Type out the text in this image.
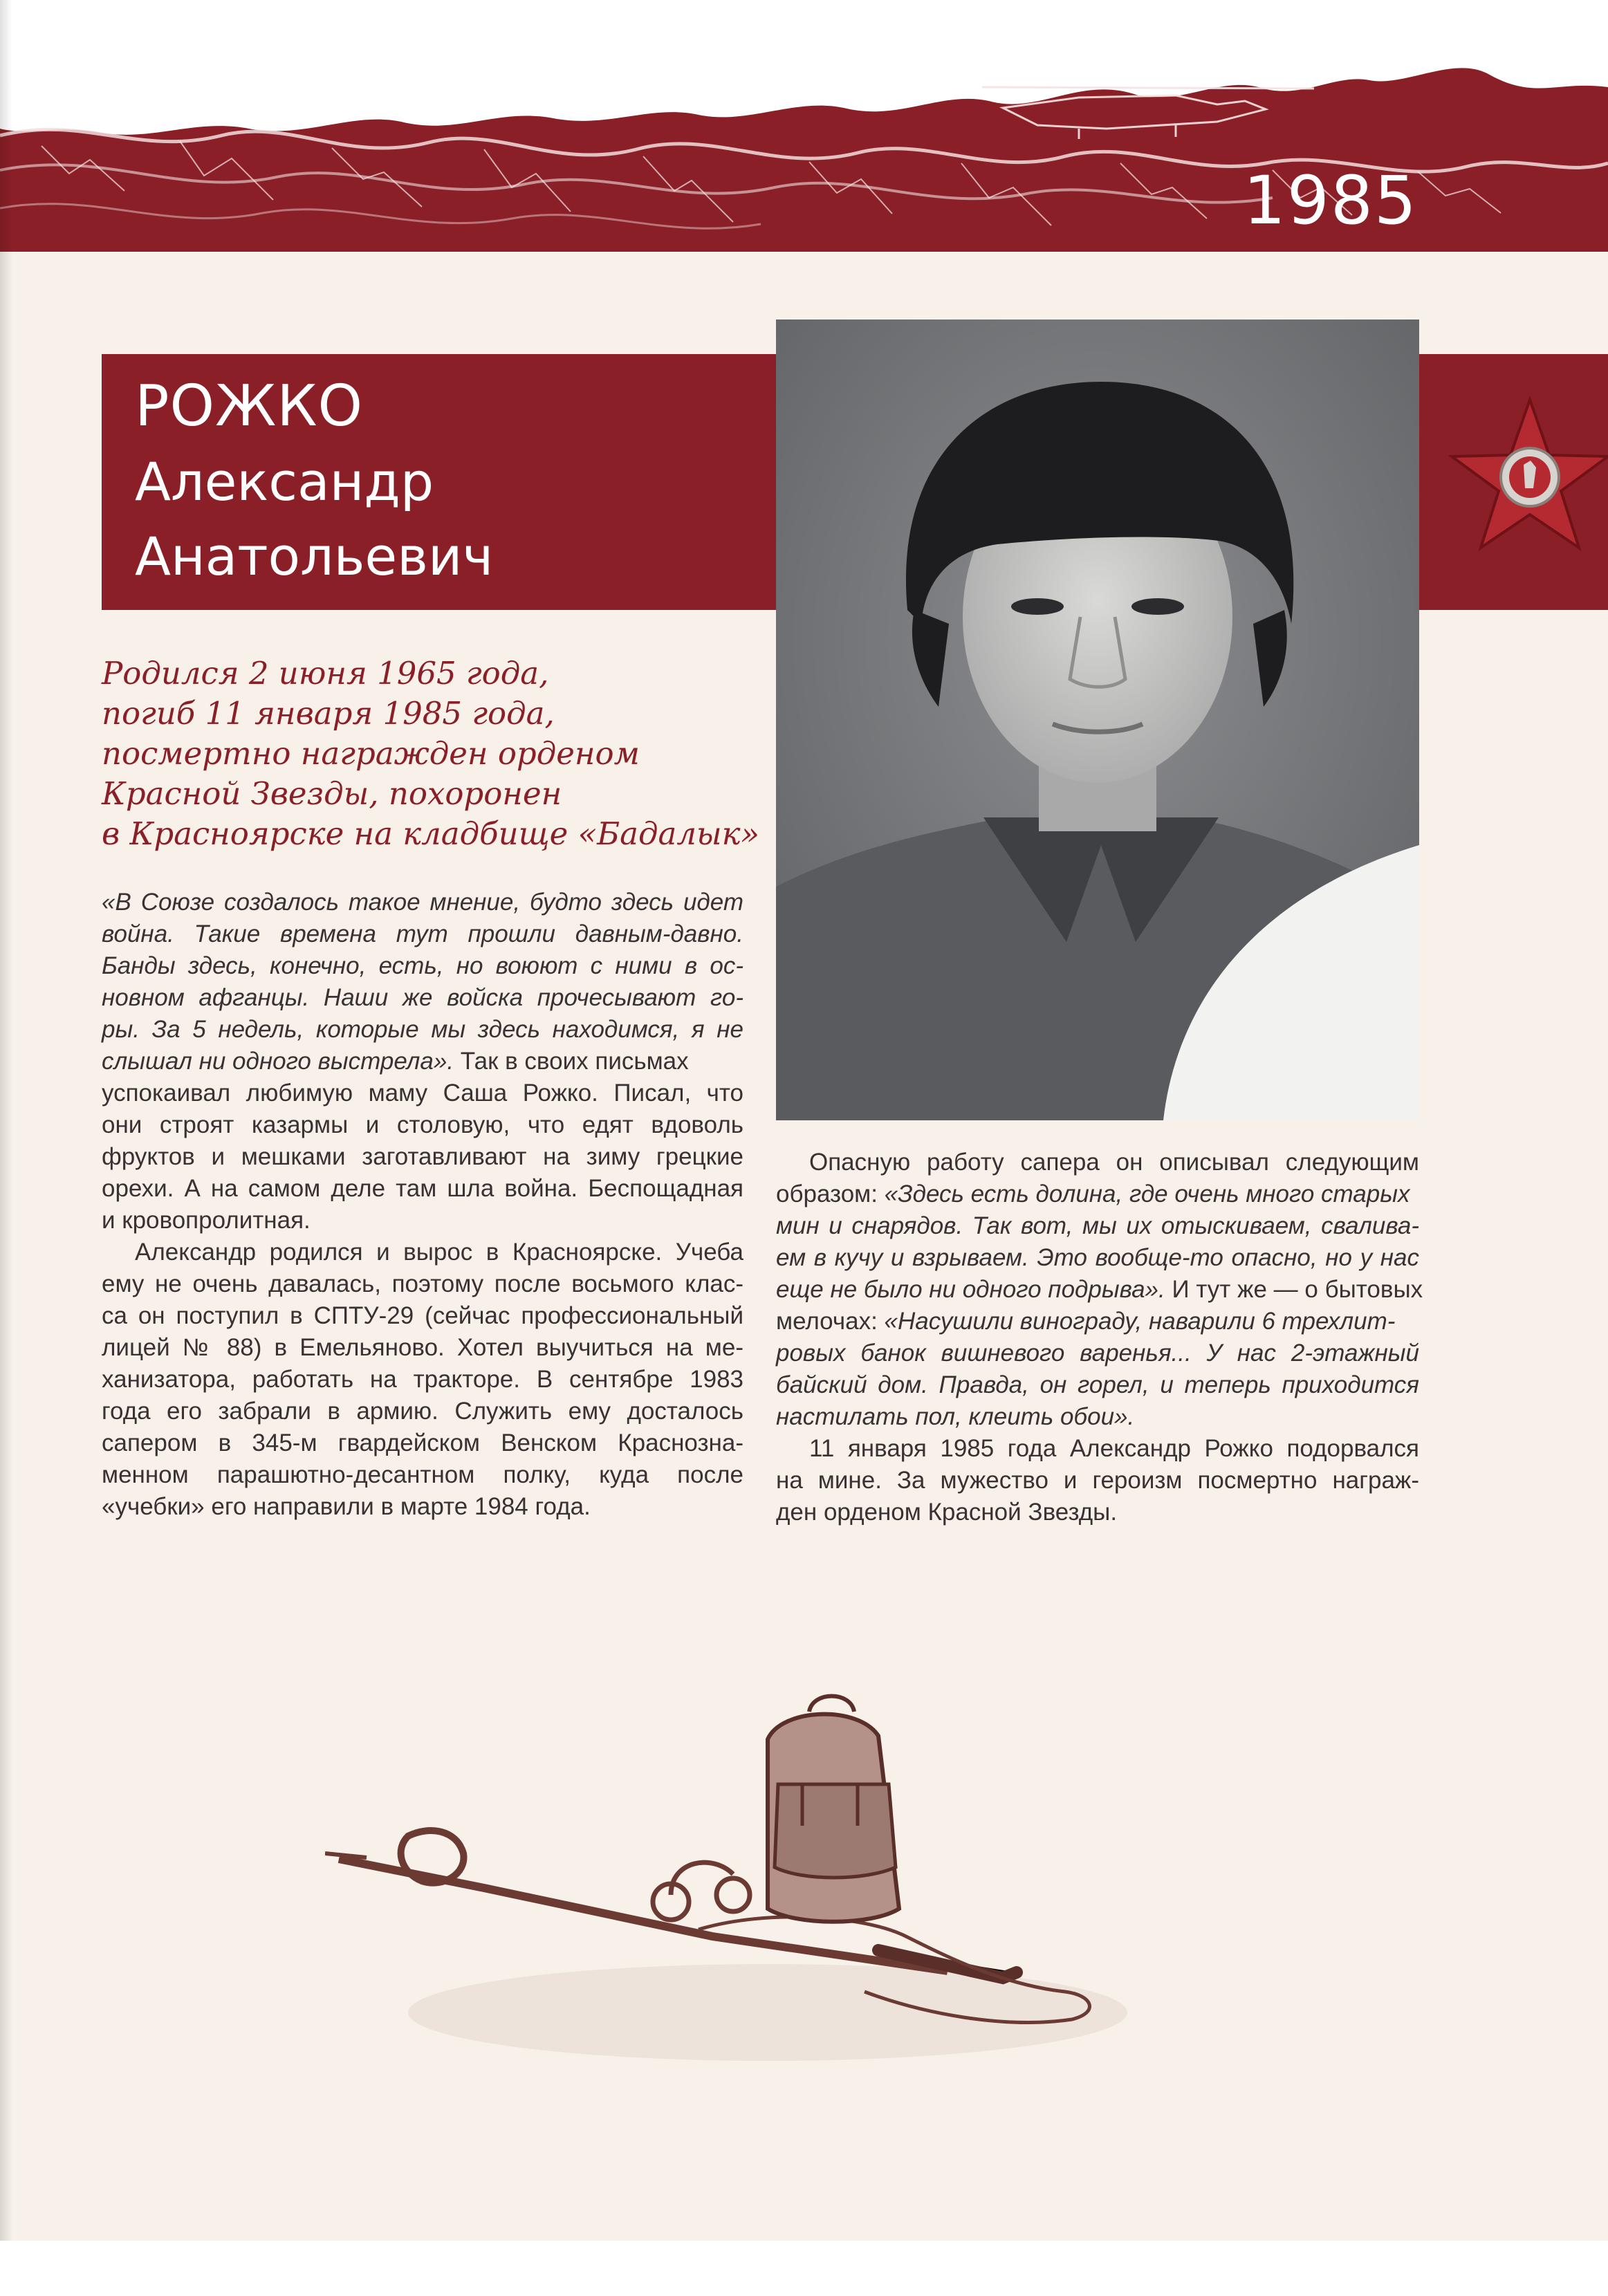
1985
РОЖКО
Александр
Анатольевич
Родился 2 июня 1965 года,
погиб 11 января 1985 года,
посмертно награжден орденом
Красной Звезды, похоронен
в Красноярске на кладбище «Бадалык»
«В Союзе создалось такое мнение, будто здесь идет
война. Такие времена тут прошли давным-давно.
Банды здесь, конечно, есть, но воюют с ними в ос-
новном афганцы. Наши же войска прочесывают го-
ры. За 5 недель, которые мы здесь находимся, я не
слышал ни одного выстрела». Так в своих письмах
успокаивал любимую маму Саша Рожко. Писал, что
они строят казармы и столовую, что едят вдоволь
фруктов и мешками заготавливают на зиму грецкие
орехи. А на самом деле там шла война. Беспощадная
и кровопролитная.
Александр родился и вырос в Красноярске. Учеба
ему не очень давалась, поэтому после восьмого клас-
са он поступил в СПТУ-29 (сейчас профессиональный
лицей № 88) в Емельяново. Хотел выучиться на ме-
ханизатора, работать на тракторе. В сентябре 1983
года его забрали в армию. Служить ему досталось
сапером в 345-м гвардейском Венском Краснозна-
менном парашютно-десантном полку, куда после
«учебки» его направили в марте 1984 года.
Опасную работу сапера он описывал следующим
образом: «Здесь есть долина, где очень много старых
мин и снарядов. Так вот, мы их отыскиваем, свалива-
ем в кучу и взрываем. Это вообще-то опасно, но у нас
еще не было ни одного подрыва». И тут же — о бытовых
мелочах: «Насушили винограду, наварили 6 трехлит-
ровых банок вишневого варенья... У нас 2-этажный
байский дом. Правда, он горел, и теперь приходится
настилать пол, клеить обои».
11 января 1985 года Александр Рожко подорвался
на мине. За мужество и героизм посмертно награж-
ден орденом Красной Звезды.
